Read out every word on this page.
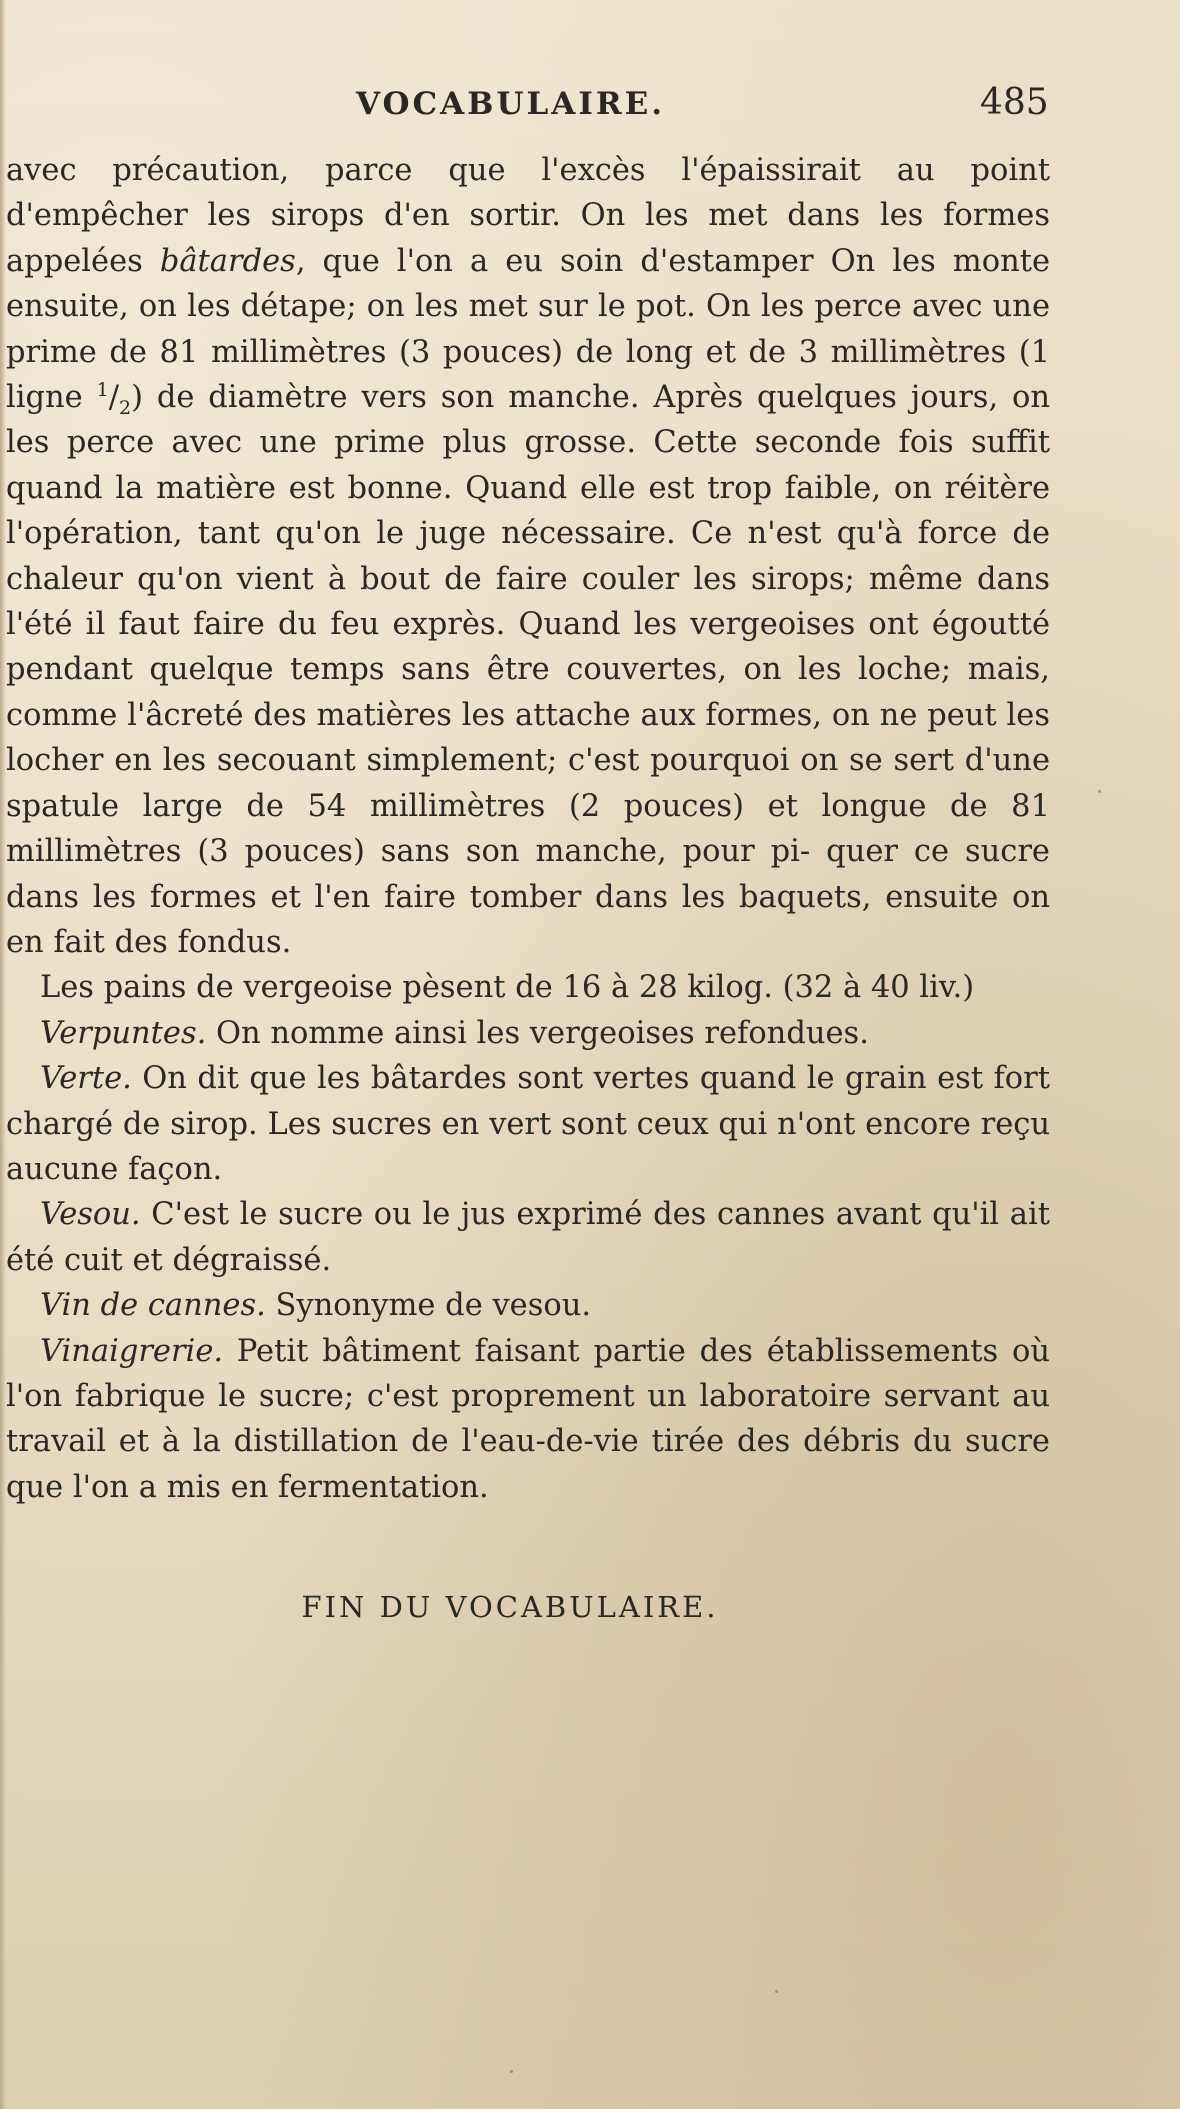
VOCABULAIRE.	485

avec précaution, parce que l'excès l'épaissirait au point d'empêcher les sirops d'en sortir. On les met dans les formes appelées bâtardes, que l'on a eu soin d'estamper On les monte ensuite, on les détape; on les met sur le pot. On les perce avec une prime de 81 millimètres (3 pouces) de long et de 3 millimètres (1 ligne $^1/_2$) de diamètre vers son manche. Après quelques jours, on les perce avec une prime plus grosse. Cette seconde fois suffit quand la matière est bonne. Quand elle est trop faible, on réitère l'opération, tant qu'on le juge nécessaire. Ce n'est qu'à force de chaleur qu'on vient à bout de faire couler les sirops; même dans l'été il faut faire du feu exprès. Quand les vergeoises ont égoutté pendant quelque temps sans être couvertes, on les loche; mais, comme l'âcreté des matières les attache aux formes, on ne peut les locher en les secouant simplement; c'est pourquoi on se sert d'une spatule large de 54 millimètres (2 pouces) et longue de 81 millimètres (3 pouces) sans son manche, pour pi- quer ce sucre dans les formes et l'en faire tomber dans les baquets, ensuite on en fait des fondus.

Les pains de vergeoise pèsent de 16 à 28 kilog. (32 à 40 liv.)

Verpuntes. On nomme ainsi les vergeoises refondues.

Verte. On dit que les bâtardes sont vertes quand le grain est fort chargé de sirop. Les sucres en vert sont ceux qui n'ont encore reçu aucune façon.

Vesou. C'est le sucre ou le jus exprimé des cannes avant qu'il ait été cuit et dégraissé.

Vin de cannes. Synonyme de vesou.

Vinaigrerie. Petit bâtiment faisant partie des établissements où l'on fabrique le sucre; c'est proprement un laboratoire servant au travail et à la distillation de l'eau-de-vie tirée des débris du sucre que l'on a mis en fermentation.

FIN DU VOCABULAIRE.
